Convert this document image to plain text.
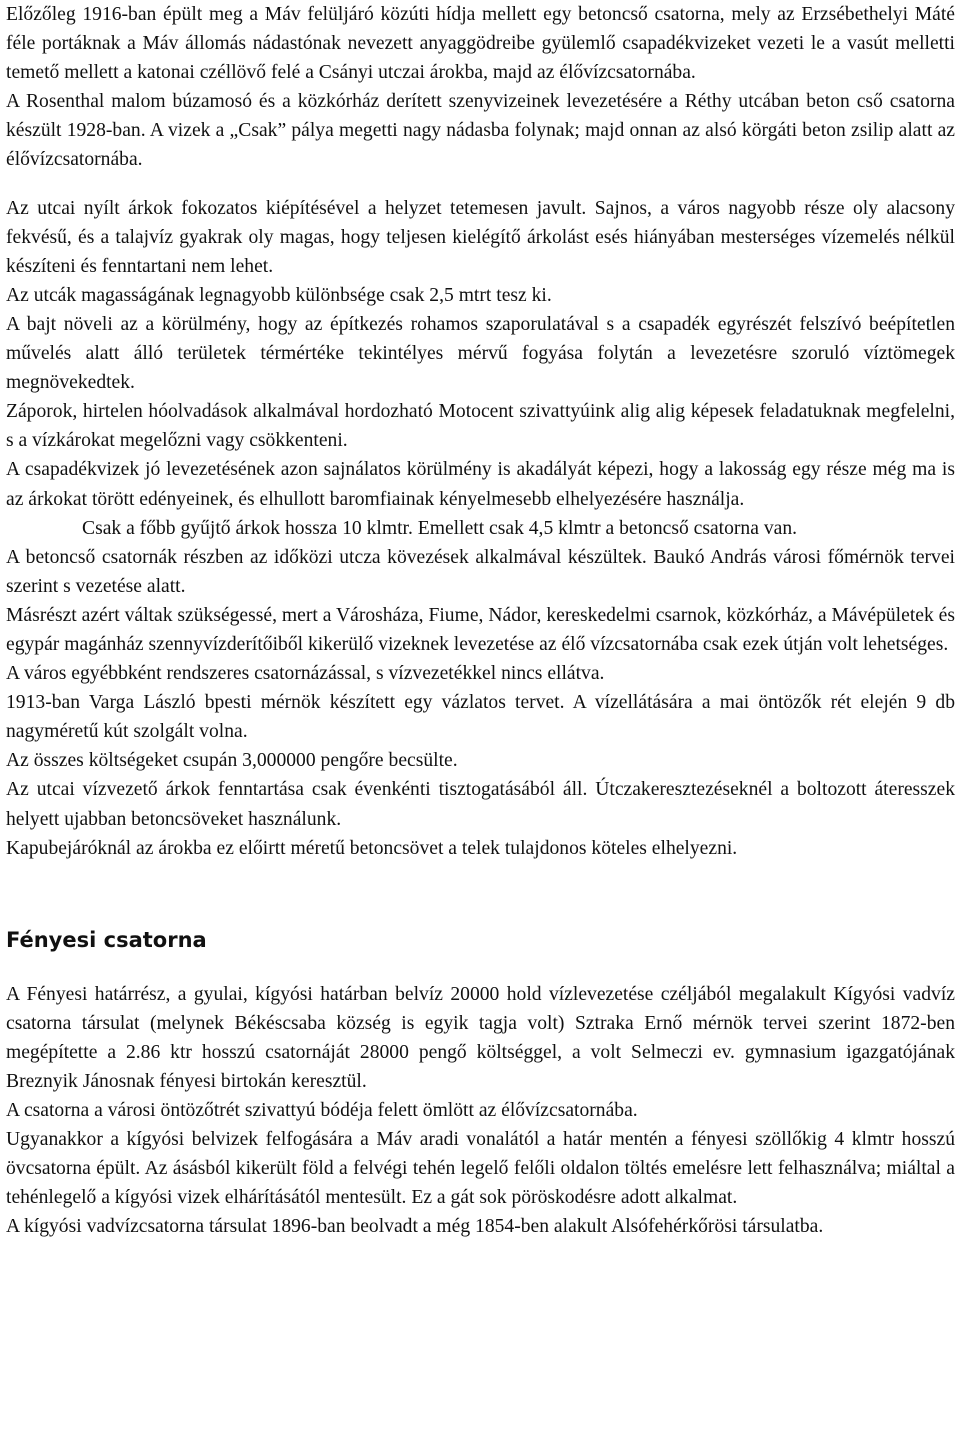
Előzőleg 1916-ban épült meg a Máv felüljáró közúti hídja mellett egy betoncső csatorna, mely az Erzsébethelyi Máté féle portáknak a Máv állomás nádastónak nevezett anyaggödreibe gyülemlő csapadékvizeket vezeti le a vasút melletti temető mellett a katonai czéllövő felé a Csányi utczai árokba, majd az élővízcsatornába.

A Rosenthal malom búzamosó és a közkórház derített szenyvizeinek levezetésére a Réthy utcában beton cső csatorna készült 1928-ban. A vizek a „Csak” pálya megetti nagy nádasba folynak; majd onnan az alsó körgáti beton zsilip alatt az élővízcsatornába.

Az utcai nyílt árkok fokozatos kiépítésével a helyzet tetemesen javult. Sajnos, a város nagyobb része oly alacsony fekvésű, és a talajvíz gyakrak oly magas, hogy teljesen kielégítő árkolást esés hiányában mesterséges vízemelés nélkül készíteni és fenntartani nem lehet.

Az utcák magasságának legnagyobb különbsége csak 2,5 mtrt tesz ki.

A bajt növeli az a körülmény, hogy az építkezés rohamos szaporulatával s a csapadék egyrészét felszívó beépítetlen művelés alatt álló területek térmértéke tekintélyes mérvű fogyása folytán a levezetésre szoruló víztömegek megnövekedtek.

Záporok, hirtelen hóolvadások alkalmával hordozható Motocent szivattyúink alig alig képesek feladatuknak megfelelni, s a vízkárokat megelőzni vagy csökkenteni.

A csapadékvizek jó levezetésének azon sajnálatos körülmény is akadályát képezi, hogy a lakosság egy része még ma is az árkokat törött edényeinek, és elhullott baromfiainak kényelmesebb elhelyezésére használja.

Csak a főbb gyűjtő árkok hossza 10 klmtr. Emellett csak 4,5 klmtr a betoncső csatorna van.

A betoncső csatornák részben az időközi utcza kövezések alkalmával készültek. Baukó András városi főmérnök tervei szerint s vezetése alatt.

Másrészt azért váltak szükségessé, mert a Városháza, Fiume, Nádor, kereskedelmi csarnok, közkórház, a Mávépületek és egypár magánház szennyvízderítőiből kikerülő vizeknek levezetése az élő vízcsatornába csak ezek útján volt lehetséges.

A város egyébbként rendszeres csatornázással, s vízvezetékkel nincs ellátva.

1913-ban Varga László bpesti mérnök készített egy vázlatos tervet. A vízellátására a mai öntözők rét elején 9 db nagyméretű kút szolgált volna.

Az összes költségeket csupán 3,000000 pengőre becsülte.

Az utcai vízvezető árkok fenntartása csak évenkénti tisztogatásából áll. Útczakeresztezéseknél a boltozott áteresszek helyett ujabban betoncsöveket használunk.

Kapubejáróknál az árokba ez előirtt méretű betoncsövet a telek tulajdonos köteles elhelyezni.

Fényesi csatorna

A Fényesi határrész, a gyulai, kígyósi határban belvíz 20000 hold vízlevezetése czéljából megalakult Kígyósi vadvíz csatorna társulat (melynek Békéscsaba község is egyik tagja volt) Sztraka Ernő mérnök tervei szerint 1872-ben megépítette a 2.86 ktr hosszú csatornáját 28000 pengő költséggel, a volt Selmeczi ev. gymnasium igazgatójának Breznyik Jánosnak fényesi birtokán keresztül.

A csatorna a városi öntözőtrét szivattyú bódéja felett ömlött az élővízcsatornába.

Ugyanakkor a kígyósi belvizek felfogására a Máv aradi vonalától a határ mentén a fényesi szöllőkig 4 klmtr hosszú övcsatorna épült. Az ásásból kikerült föld a felvégi tehén legelő felőli oldalon töltés emelésre lett felhasználva; miáltal a tehénlegelő a kígyósi vizek elhárításától mentesült. Ez a gát sok pöröskodésre adott alkalmat.

A kígyósi vadvízcsatorna társulat 1896-ban beolvadt a még 1854-ben alakult Alsófehérkőrösi társulatba.
